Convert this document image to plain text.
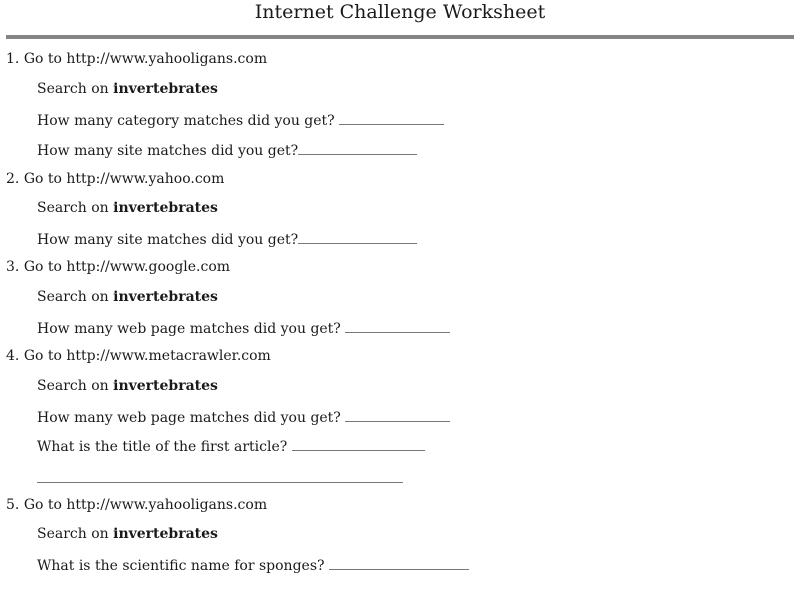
Internet Challenge Worksheet
1. Go to http://www.yahooligans.com
Search on invertebrates
How many category matches did you get?
How many site matches did you get?
2. Go to http://www.yahoo.com
Search on invertebrates
How many site matches did you get?
3. Go to http://www.google.com
Search on invertebrates
How many web page matches did you get?
4. Go to http://www.metacrawler.com
Search on invertebrates
How many web page matches did you get?
What is the title of the first article?
5. Go to http://www.yahooligans.com
Search on invertebrates
What is the scientific name for sponges?
